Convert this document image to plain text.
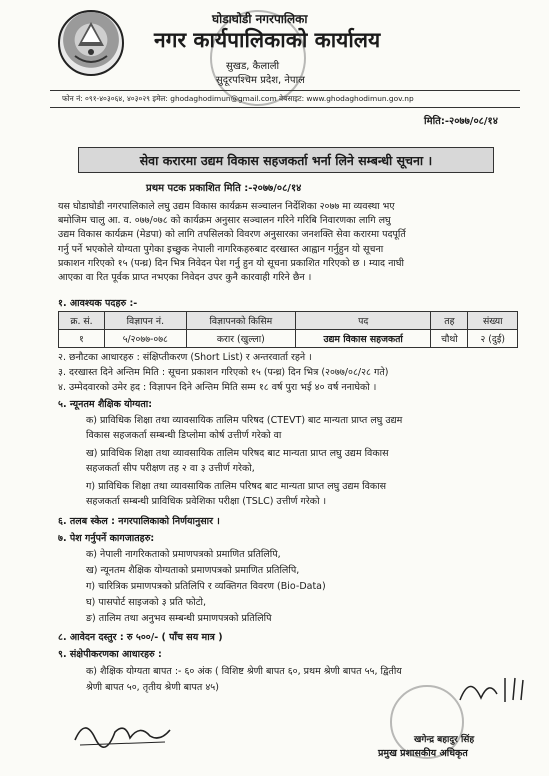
घोडाघोडी नगरपालिका
नगर कार्यपालिकाको कार्यालय
सुखड, कैलाली
सुदूरपश्चिम प्रदेश, नेपाल
फोन नं: ०९१-४०३०६४, ४०३०२९ इमेल: ghodaghodimun@gmail.com वेबसाइट: www.ghodaghodimun.gov.np
मिति:-२०७७/०८/१४
सेवा करारमा उद्यम विकास सहजकर्ता भर्ना लिने सम्बन्धी सूचना ।
प्रथम पटक प्रकाशित मिति :-२०७७/०८/१४

यस घोडाघोडी नगरपालिकाले लघु उद्यम विकास कार्यक्रम सञ्चालन निर्देशिका २०७७ मा व्यवस्था भए

बमोजिम चालु आ. व. ०७७/०७८ को कार्यक्रम अनुसार सञ्चालन गरिने गरिबि निवारणका लागि लघु

उद्यम विकास कार्यक्रम (मेडपा) को लागि तपसिलको विवरण अनुसारका जनशक्ति सेवा करारमा पदपूर्ति

गर्नु पर्ने भएकोले योग्यता पुगेका इच्छुक नेपाली नागरिकहरुबाट दरखास्त आह्वान गर्नुहुन यो सूचना

प्रकाशन गरिएको १५ (पन्ध्र) दिन भित्र निवेदन पेश गर्नु हुन यो सूचना प्रकाशित गरिएको छ । म्याद नाघी

आएका वा रित पूर्वक प्राप्त नभएका निवेदन उपर कुनै कारवाही गरिने छैन ।

१. आवश्यक पदहरु :-
क्र. सं.	विज्ञापन नं.	विज्ञापनको किसिम	पद	तह	संख्या
१	५/२०७७-०७८	करार (खुल्ला)	उद्यम विकास सहजकर्ता	चौथो	२ (दुई)
२. छनौटका आधारहरु : संक्षिप्तीकरण (Short List) र अन्तरवार्ता रहने ।
३. दरखास्त दिने अन्तिम मिति : सूचना प्रकाशन गरिएको १५ (पन्ध्र) दिन भित्र (२०७७/०८/२८ गते)
४. उम्मेदवारको उमेर हद : विज्ञापन दिने अन्तिम मिति सम्म १८ वर्ष पुरा भई ४० वर्ष ननाघेको ।
५. न्यूनतम शैक्षिक योग्यता:
क) प्राविधिक शिक्षा तथा व्यावसायिक तालिम परिषद (CTEVT) बाट मान्यता प्राप्त लघु उद्यम
विकास सहजकर्ता सम्बन्धी डिप्लोमा कोर्ष उत्तीर्ण गरेको वा
ख) प्राविधिक शिक्षा तथा व्यावसायिक तालिम परिषद बाट मान्यता प्राप्त लघु उद्यम विकास
सहजकर्ता सीप परीक्षण तह २ वा ३ उत्तीर्ण गरेको,
ग) प्राविधिक शिक्षा तथा व्यावसायिक तालिम परिषद बाट मान्यता प्राप्त लघु उद्यम विकास
सहजकर्ता सम्बन्धी प्राविधिक प्रवेशिका परीक्षा (TSLC) उत्तीर्ण गरेको ।
६. तलब स्केल : नगरपालिकाको निर्णयानुसार ।
७. पेश गर्नुपर्ने कागजातहरु:
क) नेपाली नागरिकताको प्रमाणपत्रको प्रमाणित प्रतिलिपि,
ख) न्यूनतम शैक्षिक योग्यताको प्रमाणपत्रको प्रमाणित प्रतिलिपि,
ग) चारित्रिक प्रमाणपत्रको प्रतिलिपि र व्यक्तिगत विवरण (Bio-Data)
घ) पासपोर्ट साइजको ३ प्रति फोटो,
ङ) तालिम तथा अनुभव सम्बन्धी प्रमाणपत्रको प्रतिलिपि
८. आवेदन दस्तुर : रु ५००/- ( पाँच सय मात्र )
९. संक्षेपीकरणका आधारहरु :
क) शैक्षिक योग्यता बापत :- ६० अंक ( विशिष्ट श्रेणी बापत ६०, प्रथम श्रेणी बापत ५५, द्वितीय
श्रेणी बापत ५०, तृतीय श्रेणी बापत ४५)
खगेन्द्र बहादुर सिंह
प्रमुख प्रशासकीय अधिकृत
